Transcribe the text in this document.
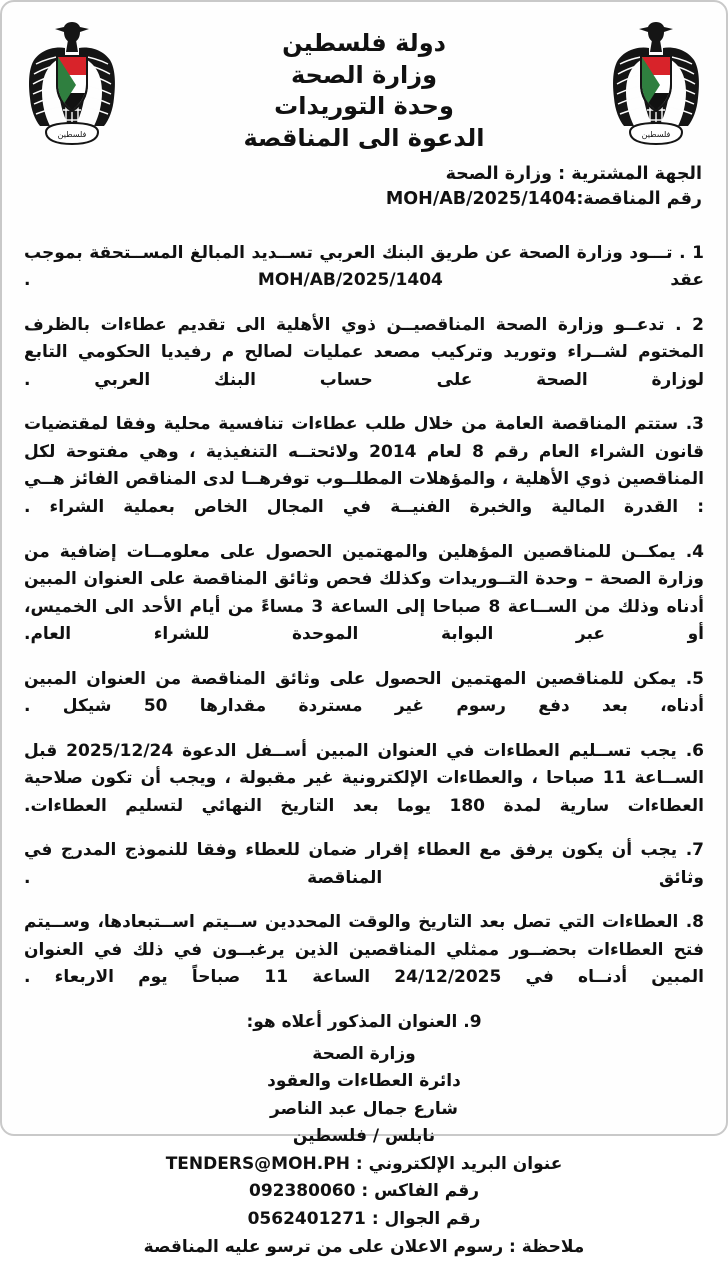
فلسطين
دولة فلسطين
وزارة الصحة
وحدة التوريدات
الدعوة الى المناقصة
فلسطين
الجهة المشترية : وزارة الصحة
رقم المناقصة:MOH/AB/2025/1404

1 . تـــود وزارة الصحة عن طريق البنك العربي تســديد المبالغ المســتحقة بموجب عقد MOH/AB/2025/1404 .

2 . تدعــو وزارة الصحة المناقصيــن ذوي الأهلية الى تقديم عطاءات بالظرف المختوم لشــراء وتوريد وتركيب مصعد عمليات لصالح م رفيديا الحكومي التابع لوزارة الصحة على حساب البنك العربي .

3. ستتم المناقصة العامة من خلال طلب عطاءات تنافسية محلية وفقا لمقتضيات قانون الشراء العام رقم 8 لعام 2014 ولائحتــه التنفيذية ، وهي مفتوحة لكل المناقصين ذوي الأهلية ، والمؤهلات المطلــوب توفرهــا لدى المناقص الفائز هــي : القدرة المالية والخبرة الفنيــة في المجال الخاص بعملية الشراء .

4. يمكــن للمناقصين المؤهلين والمهتمين الحصول على معلومــات إضافية من وزارة الصحة – وحدة التــوريدات وكذلك فحص وثائق المناقصة على العنوان المبين أدناه وذلك من الســاعة 8 صباحا إلى الساعة 3 مساءً من أيام الأحد الى الخميس، أو عبر البوابة الموحدة للشراء العام.

5. يمكن للمناقصين المهتمين الحصول على وثائق المناقصة من العنوان المبين أدناه، بعد دفع رسوم غير مستردة مقدارها 50 شيكل .

6. يجب تســليم العطاءات في العنوان المبين أســفل الدعوة 2025/12/24 قبل الســاعة 11 صباحا ، والعطاءات الإلكترونية غير مقبولة ، ويجب أن تكون صلاحية العطاءات سارية لمدة 180 يوما بعد التاريخ النهائي لتسليم العطاءات.

7. يجب أن يكون يرفق مع العطاء إقرار ضمان للعطاء وفقا للنموذج المدرج في وثائق المناقصة .

8. العطاءات التي تصل بعد التاريخ والوقت المحددين ســيتم اســتبعادها، وســيتم فتح العطاءات بحضــور ممثلي المناقصين الذين يرغبــون في ذلك في العنوان المبين أدنــاه في 24/12/2025 الساعة 11 صباحاً يوم الاربعاء .

9. العنوان المذكور أعلاه هو:

وزارة الصحة
دائرة العطاءات والعقود
شارع جمال عبد الناصر
نابلس / فلسطين
عنوان البريد الإلكتروني : TENDERS@MOH.PH
رقم الفاكس : 092380060
رقم الجوال : 0562401271
ملاحظة : رسوم الاعلان على من ترسو عليه المناقصة
